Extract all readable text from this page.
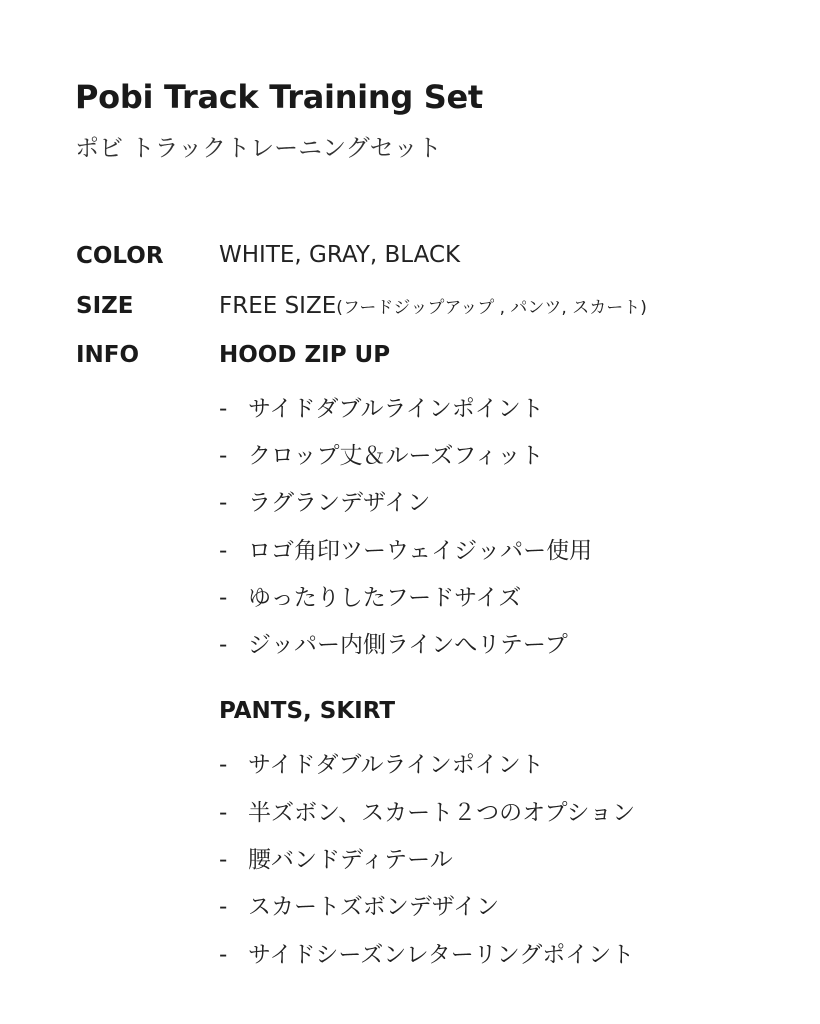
Pobi Track Training Set
ポビ トラックトレーニングセット
COLOR WHITE, GRAY, BLACK
SIZE	FREE SIZE(フードジップアップ , パンツ, スカート)
INFO	HOOD ZIP UP
- サイドダブルラインポイント
- クロップ丈＆ルーズフィット
- ラグランデザイン
- ロゴ角印ツーウェイジッパー使用
- ゆったりしたフードサイズ
- ジッパー内側ラインへリテープ
PANTS, SKIRT
- サイドダブルラインポイント
- 半ズボン、スカート２つのオプション
- 腰バンドディテール
- スカートズボンデザイン
- サイドシーズンレターリングポイント
